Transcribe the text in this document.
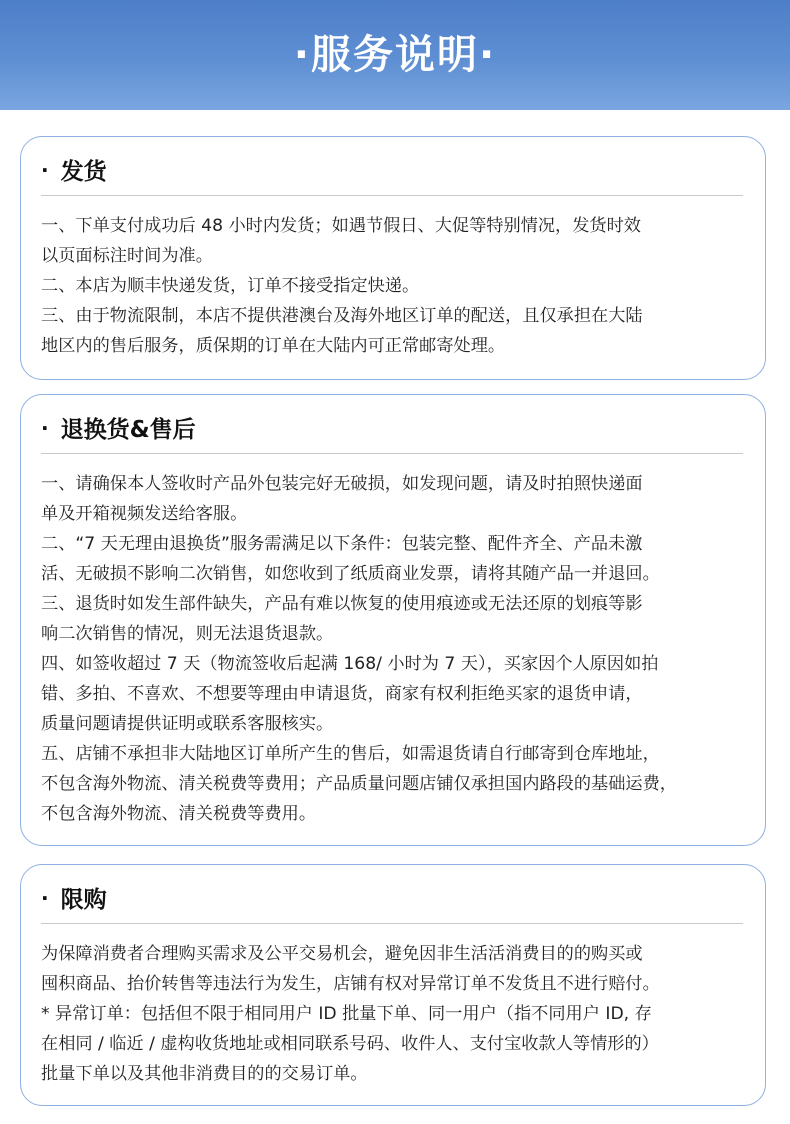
·服务说明·
· 发货
一、下单支付成功后 48 小时内发货；如遇节假日、大促等特别情况，发货时效
以页面标注时间为准。
二、本店为顺丰快递发货，订单不接受指定快递。
三、由于物流限制，本店不提供港澳台及海外地区订单的配送，且仅承担在大陆
地区内的售后服务，质保期的订单在大陆内可正常邮寄处理。
· 退换货&售后
一、请确保本人签收时产品外包装完好无破损，如发现问题，请及时拍照快递面
单及开箱视频发送给客服。
二、“7 天无理由退换货”服务需满足以下条件：包装完整、配件齐全、产品未激
活、无破损不影响二次销售，如您收到了纸质商业发票，请将其随产品一并退回。
三、退货时如发生部件缺失，产品有难以恢复的使用痕迹或无法还原的划痕等影
响二次销售的情况，则无法退货退款。
四、如签收超过 7 天（物流签收后起满 168/ 小时为 7 天），买家因个人原因如拍
错、多拍、不喜欢、不想要等理由申请退货，商家有权利拒绝买家的退货申请，
质量问题请提供证明或联系客服核实。
五、店铺不承担非大陆地区订单所产生的售后，如需退货请自行邮寄到仓库地址，
不包含海外物流、清关税费等费用；产品质量问题店铺仅承担国内路段的基础运费，
不包含海外物流、清关税费等费用。
· 限购
为保障消费者合理购买需求及公平交易机会，避免因非生活活消费目的的购买或
囤积商品、抬价转售等违法行为发生，店铺有权对异常订单不发货且不进行赔付。
* 异常订单：包括但不限于相同用户 ID 批量下单、同一用户（指不同用户 ID, 存
在相同 / 临近 / 虚构收货地址或相同联系号码、收件人、支付宝收款人等情形的）
批量下单以及其他非消费目的的交易订单。
